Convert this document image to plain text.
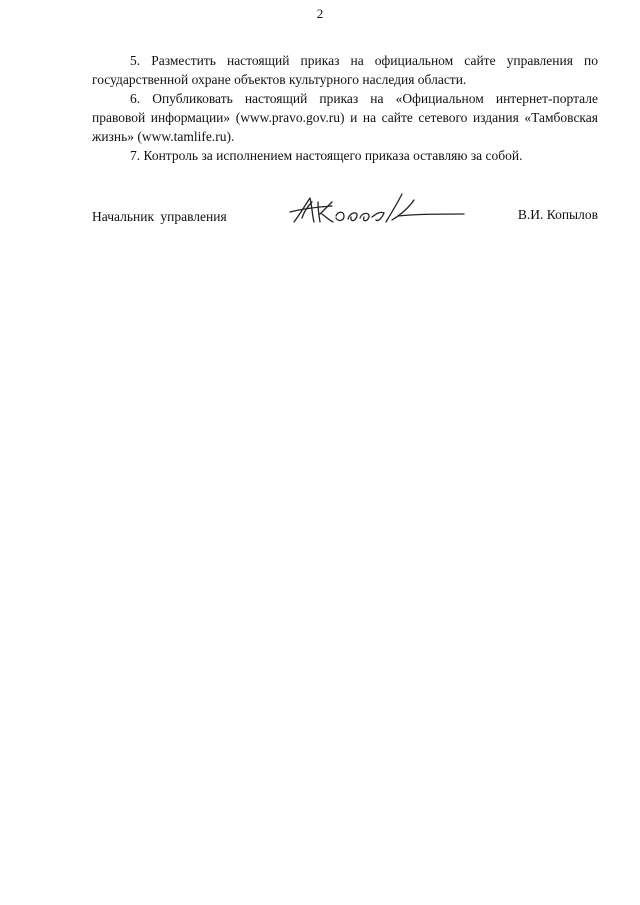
2

5. Разместить настоящий приказ на официальном сайте управления по государственной охране объектов культурного наследия области.

6. Опубликовать настоящий приказ на «Официальном интернет-портале правовой информации» (www.pravo.gov.ru) и на сайте сетевого издания «Тамбовская жизнь» (www.tamlife.ru).

7. Контроль за исполнением настоящего приказа оставляю за собой.

Начальник управления	В.И. Копылов
